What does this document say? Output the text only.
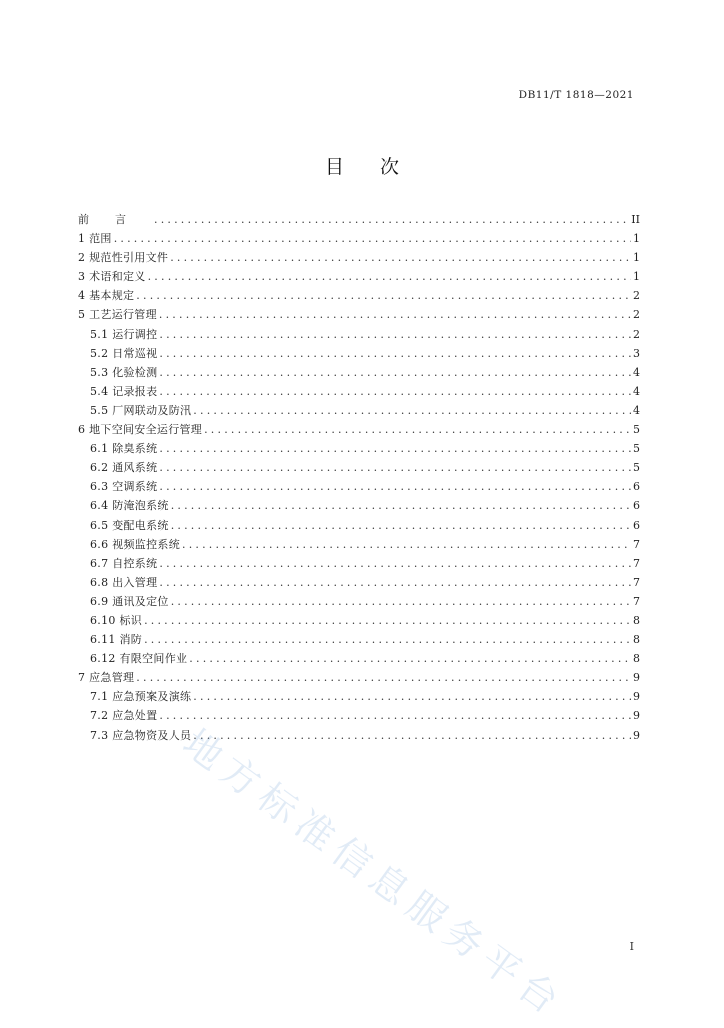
DB11/T 1818—2021
目次
前言 .....	II
1 范围 .....	1
2 规范性引用文件 .....	1
3 术语和定义 .....	1
4 基本规定 .....	2
5 工艺运行管理 .....	2
5.1 运行调控 .....	2
5.2 日常巡视 .....	3
5.3 化验检测 .....	4
5.4 记录报表 .....	4
5.5 厂网联动及防汛 .....	4
6 地下空间安全运行管理 .....	5
6.1 除臭系统 .....	5
6.2 通风系统 .....	5
6.3 空调系统 .....	6
6.4 防淹泡系统 .....	6
6.5 变配电系统 .....	6
6.6 视频监控系统 .....	7
6.7 自控系统 .....	7
6.8 出入管理 .....	7
6.9 通讯及定位 .....	7
6.10 标识 .....	8
6.11 消防 .....	8
6.12 有限空间作业 .....	8
7 应急管理 .....	9
7.1 应急预案及演练 .....	9
7.2 应急处置 .....	9
7.3 应急物资及人员 .....	9
I
地方标准信息服务平台
